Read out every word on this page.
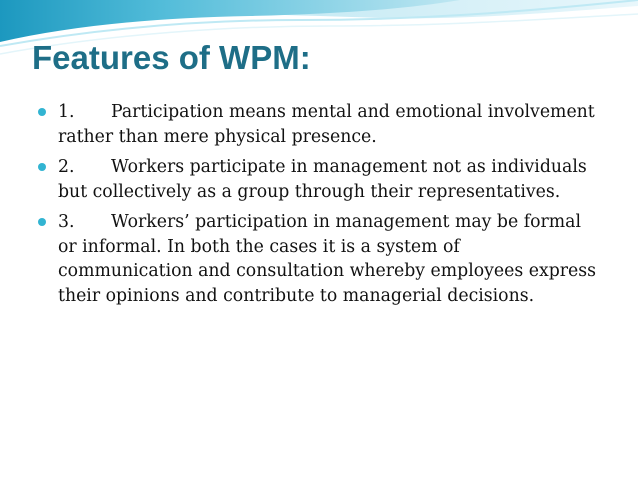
Features of WPM:
1. Participation means mental and emotional involvement rather than mere physical presence.
2. Workers participate in management not as individuals but collectively as a group through their representatives.
3. Workers’ participation in management may be formal or informal. In both the cases it is a system of communication and consultation whereby employees express their opinions and contribute to managerial decisions.
